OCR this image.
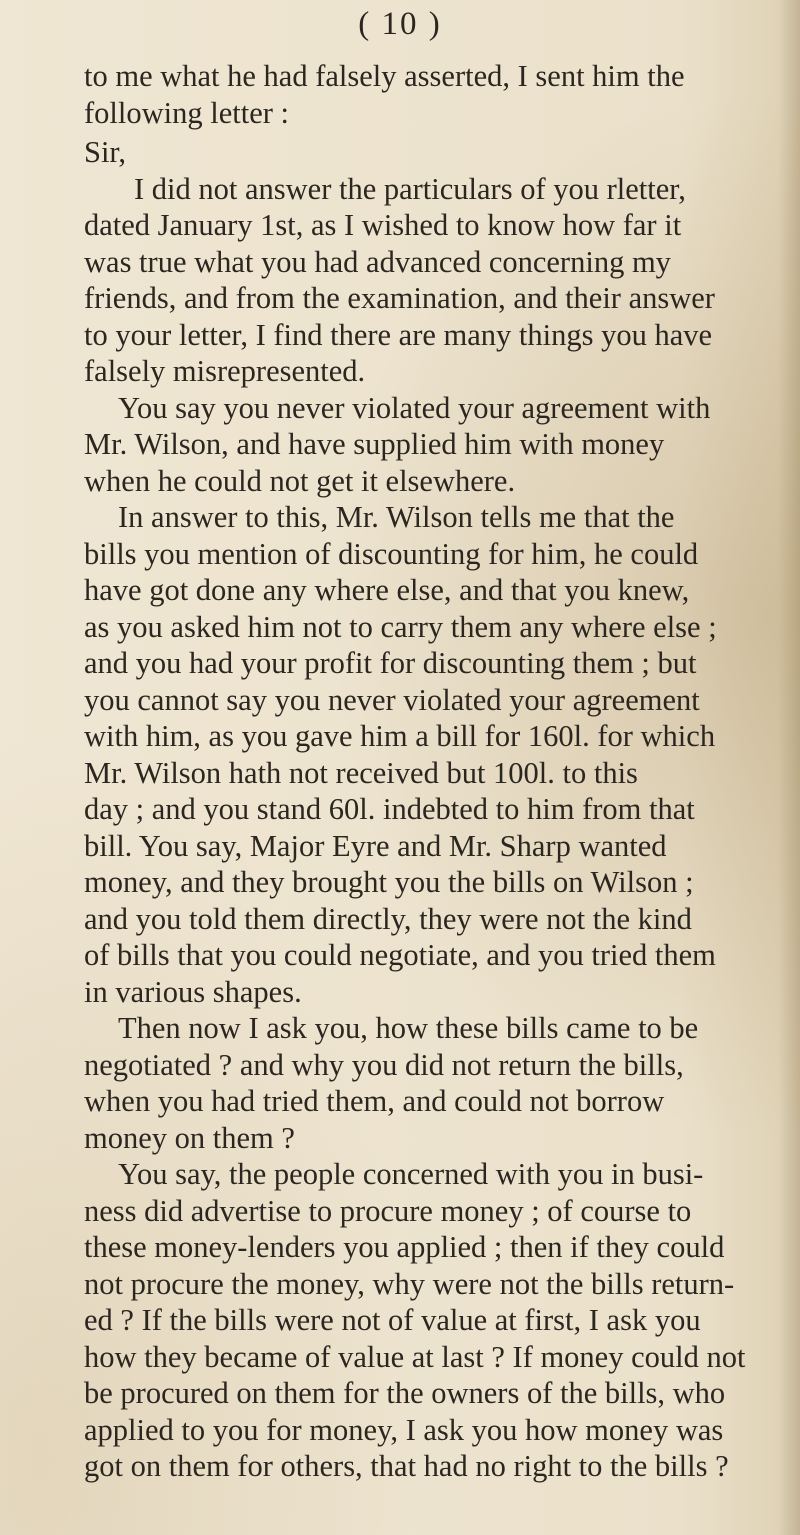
( 10 )
to me what he had falsely asserted, I sent him the
following letter :
Sir,
I did not answer the particulars of you rletter,
dated January 1st, as I wished to know how far it
was true what you had advanced concerning my
friends, and from the examination, and their answer
to your letter, I find there are many things you have
falsely misrepresented.
You say you never violated your agreement with
Mr. Wilson, and have supplied him with money
when he could not get it elsewhere.
In answer to this, Mr. Wilson tells me that the
bills you mention of discounting for him, he could
have got done any where else, and that you knew,
as you asked him not to carry them any where else ;
and you had your profit for discounting them ; but
you cannot say you never violated your agreement
with him, as you gave him a bill for 160l. for which
Mr. Wilson hath not received but 100l. to this
day ; and you stand 60l. indebted to him from that
bill. You say, Major Eyre and Mr. Sharp wanted
money, and they brought you the bills on Wilson ;
and you told them directly, they were not the kind
of bills that you could negotiate, and you tried them
in various shapes.
Then now I ask you, how these bills came to be
negotiated ? and why you did not return the bills,
when you had tried them, and could not borrow
money on them ?
You say, the people concerned with you in busi-
ness did advertise to procure money ; of course to
these money-lenders you applied ; then if they could
not procure the money, why were not the bills return-
ed ? If the bills were not of value at first, I ask you
how they became of value at last ? If money could not
be procured on them for the owners of the bills, who
applied to you for money, I ask you how money was
got on them for others, that had no right to the bills ?
